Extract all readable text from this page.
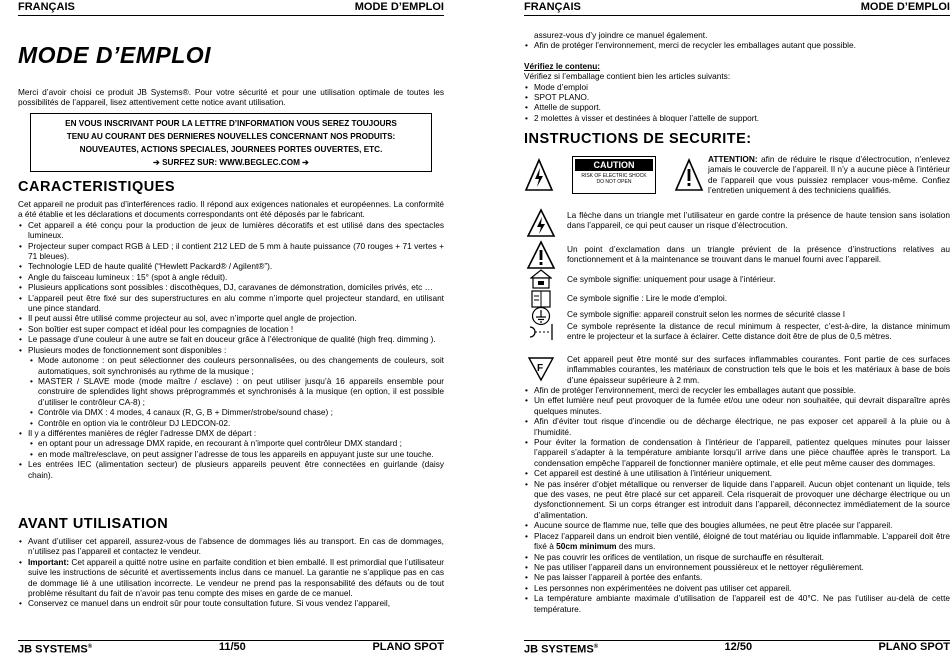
FRANÇAIS	MODE D’EMPLOI
MODE D’EMPLOI
Merci d’avoir choisi ce produit JB Systems®. Pour votre sécurité et pour une utilisation optimale de toutes les possibilités de l’appareil, lisez attentivement cette notice avant utilisation.
EN VOUS INSCRIVANT POUR LA LETTRE D’INFORMATION VOUS SEREZ TOUJOURS
TENU AU COURANT DES DERNIERES NOUVELLES CONCERNANT NOS PRODUITS:
NOUVEAUTES, ACTIONS SPECIALES, JOURNEES PORTES OUVERTES, ETC.
➔ SURFEZ SUR: WWW.BEGLEC.COM ➔
CARACTERISTIQUES
Cet appareil ne produit pas d’interférences radio. Il répond aux exigences nationales et européennes. La conformité a été établie et les déclarations et documents correspondants ont été déposés par le fabricant.
• Cet appareil a été conçu pour la production de jeux de lumières décoratifs et est utilisé dans des spectacles lumineux.
• Projecteur super compact RGB à LED ; il contient 212 LED de 5 mm à haute puissance (70 rouges + 71 vertes + 71 bleues).
• Technologie LED de haute qualité (“Hewlett Packard® / Agilent®”).
• Angle du faisceau lumineux : 15° (spot à angle réduit).
• Plusieurs applications sont possibles : discothèques, DJ, caravanes de démonstration, domiciles privés, etc …
• L’appareil peut être fixé sur des superstructures en alu comme n’importe quel projecteur standard, en utilisant une pince standard.
• Il peut aussi être utilisé comme projecteur au sol, avec n’importe quel angle de projection.
• Son boîtier est super compact et idéal pour les compagnies de location !
• Le passage d’une couleur à une autre se fait en douceur grâce à l’électronique de qualité (high freq. dimming ).
• Plusieurs modes de fonctionnement sont disponibles :
• Mode autonome : on peut sélectionner des couleurs personnalisées, ou des changements de couleurs, soit automatiques, soit synchronisés au rythme de la musique ;
• MASTER / SLAVE mode (mode maître / esclave) : on peut utiliser jusqu’à 16 appareils ensemble pour construire de splendides light shows préprogrammés et synchronisés à la musique (en option, il est possible d’utiliser le contrôleur CA-8) ;
• Contrôle via DMX : 4 modes, 4 canaux (R, G, B + Dimmer/strobe/sound chase) ;
• Contrôle en option via le contrôleur DJ LEDCON-02.
• Il y a différentes manières de régler l’adresse DMX de départ :
• en optant pour un adressage DMX rapide, en recourant à n’importe quel contrôleur DMX standard ;
• en mode maître/esclave, on peut assigner l’adresse de tous les appareils en appuyant juste sur une touche.
• Les entrées IEC (alimentation secteur) de plusieurs appareils peuvent être connectées en guirlande (daisy chain).
AVANT UTILISATION
• Avant d’utiliser cet appareil, assurez-vous de l’absence de dommages liés au transport. En cas de dommages, n’utilisez pas l’appareil et contactez le vendeur.
• Important: Cet appareil a quitté notre usine en parfaite condition et bien emballé. Il est primordial que l’utilisateur suive les instructions de sécurité et avertissements inclus dans ce manuel. La garantie ne s’applique pas en cas de dommage lié à une utilisation incorrecte. Le vendeur ne prend pas la responsabilité des défauts ou de tout problème résultant du fait de n’avoir pas tenu compte des mises en garde de ce manuel.
• Conservez ce manuel dans un endroit sûr pour toute consultation future. Si vous vendez l’appareil,
JB SYSTEMS®	11/50	PLANO SPOT
FRANÇAIS	MODE D’EMPLOI
assurez-vous d’y joindre ce manuel également.
• Afin de protéger l’environnement, merci de recycler les emballages autant que possible.
Vérifiez le contenu:
Vérifiez si l’emballage contient bien les articles suivants:
• Mode d’emploi
• SPOT PLANO.
• Attelle de support.
• 2 molettes à visser et destinées à bloquer l’attelle de support.
INSTRUCTIONS DE SECURITE:
CAUTION
RISK OF ELECTRIC SHOCK
DO NOT OPEN
ATTENTION: afin de réduire le risque d’électrocution, n’enlevez jamais le couvercle de l’appareil. Il n’y a aucune pièce à l’intérieur de l’appareil que vous puissiez remplacer vous-même. Confiez l’entretien uniquement à des techniciens qualifiés.
La flèche dans un triangle met l’utilisateur en garde contre la présence de haute tension sans isolation dans l’appareil, ce qui peut causer un risque d’électrocution.
Un point d’exclamation dans un triangle prévient de la présence d’instructions relatives au fonctionnement et à la maintenance se trouvant dans le manuel fourni avec l’appareil.
Ce symbole signifie: uniquement pour usage à l’intérieur.
Ce symbole signifie : Lire le mode d’emploi.
Ce symbole signifie: appareil construit selon les normes de sécurité classe I
Ce symbole représente la distance de recul minimum à respecter, c’est-à-dire, la distance minimum entre le projecteur et la surface à éclairer. Cette distance doit être de plus de 0,5 mètres.
F
Cet appareil peut être monté sur des surfaces inflammables courantes. Font partie de ces surfaces inflammables courantes, les matériaux de construction tels que le bois et les matériaux à base de bois d’une épaisseur supérieure à 2 mm.
• Afin de protéger l’environnement, merci de recycler les emballages autant que possible.
• Un effet lumière neuf peut provoquer de la fumée et/ou une odeur non souhaitée, qui devrait disparaître après quelques minutes.
• Afin d’éviter tout risque d’incendie ou de décharge électrique, ne pas exposer cet appareil à la pluie ou à l’humidité.
• Pour éviter la formation de condensation à l’intérieur de l’appareil, patientez quelques minutes pour laisser l’appareil s’adapter à la température ambiante lorsqu’il arrive dans une pièce chauffée après le transport. La condensation empêche l’appareil de fonctionner manière optimale, et elle peut même causer des dommages.
• Cet appareil est destiné à une utilisation à l’intérieur uniquement.
• Ne pas insérer d’objet métallique ou renverser de liquide dans l’appareil. Aucun objet contenant un liquide, tels que des vases, ne peut être placé sur cet appareil. Cela risquerait de provoquer une décharge électrique ou un dysfonctionnement. Si un corps étranger est introduit dans l’appareil, déconnectez immédiatement de la source d’alimentation.
• Aucune source de flamme nue, telle que des bougies allumées, ne peut être placée sur l’appareil.
• Placez l’appareil dans un endroit bien ventilé, éloigné de tout matériau ou liquide inflammable. L’appareil doit être fixé à 50cm minimum des murs.
• Ne pas couvrir les orifices de ventilation, un risque de surchauffe en résulterait.
• Ne pas utiliser l’appareil dans un environnement poussiéreux et le nettoyer régulièrement.
• Ne pas laisser l’appareil à portée des enfants.
• Les personnes non expérimentées ne doivent pas utiliser cet appareil.
• La température ambiante maximale d’utilisation de l’appareil est de 40°C. Ne pas l’utiliser au-delà de cette température.
JB SYSTEMS®	12/50	PLANO SPOT
